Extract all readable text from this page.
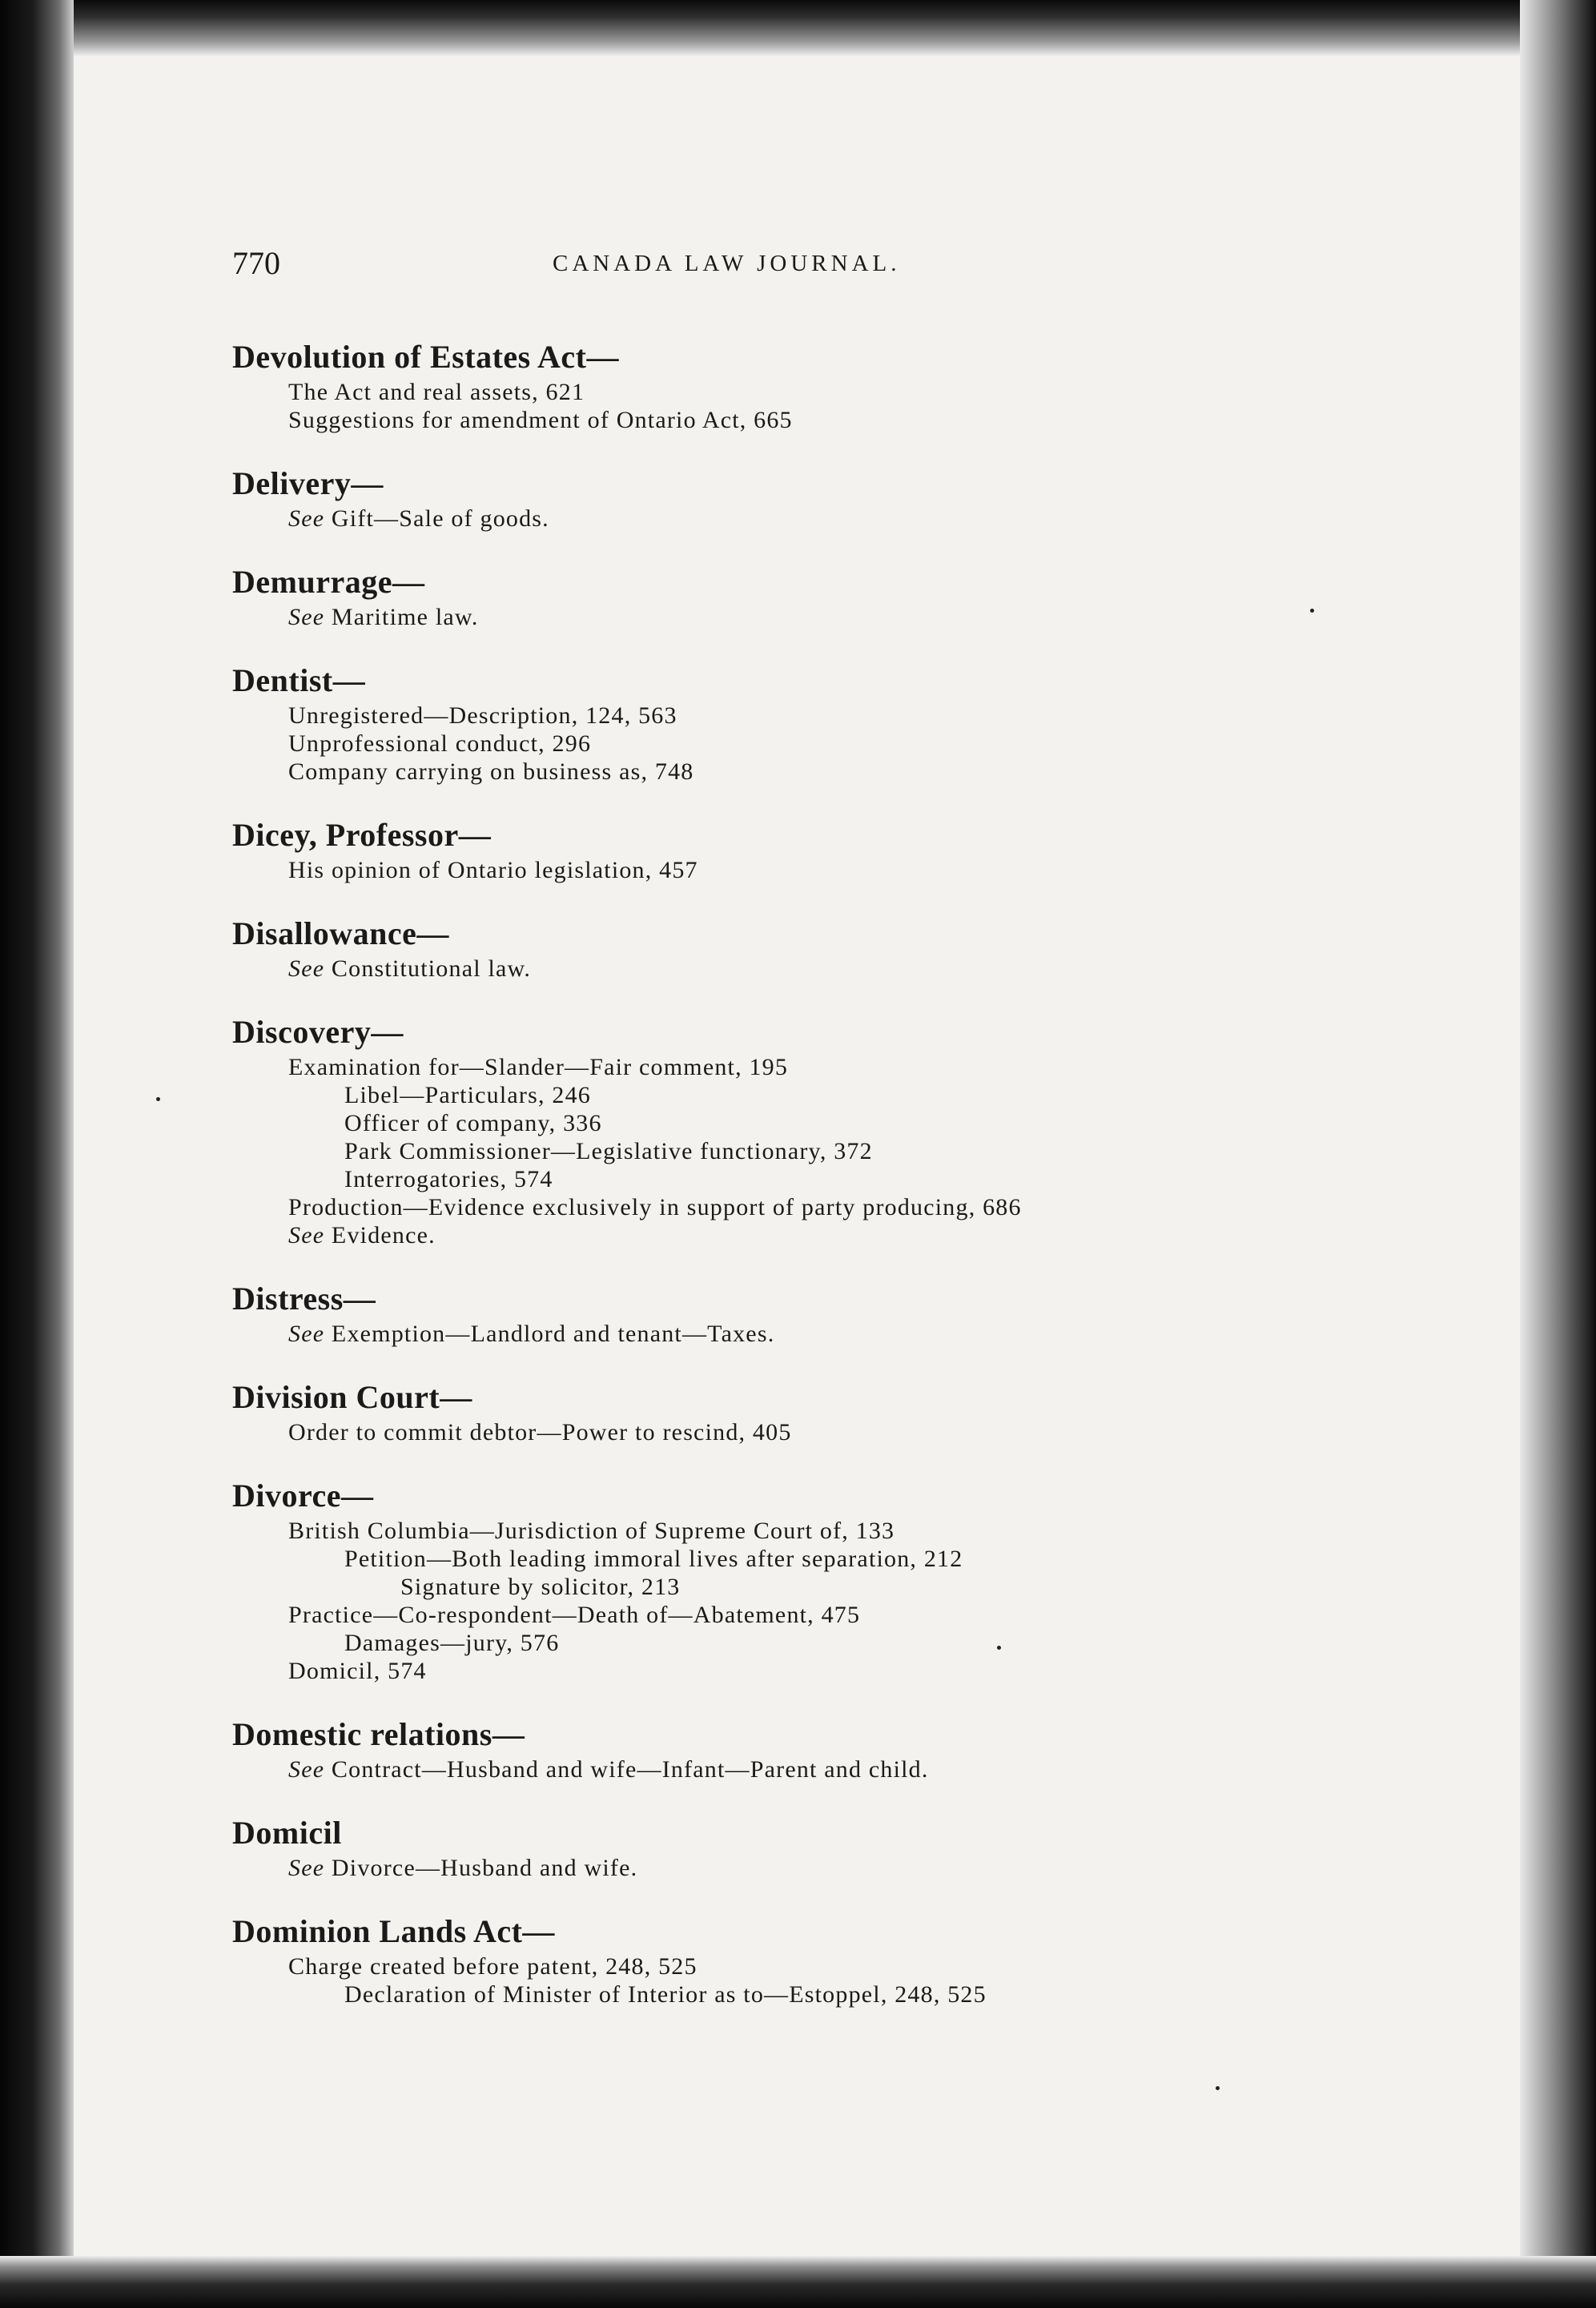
770	CANADA LAW JOURNAL.
Devolution of Estates Act—
The Act and real assets, 621
Suggestions for amendment of Ontario Act, 665
Delivery—
See Gift—Sale of goods.
Demurrage—
See Maritime law.
Dentist—
Unregistered—Description, 124, 563
Unprofessional conduct, 296
Company carrying on business as, 748
Dicey, Professor—
His opinion of Ontario legislation, 457
Disallowance—
See Constitutional law.
Discovery—
Examination for—Slander—Fair comment, 195
Libel—Particulars, 246
Officer of company, 336
Park Commissioner—Legislative functionary, 372
Interrogatories, 574
Production—Evidence exclusively in support of party producing, 686
See Evidence.
Distress—
See Exemption—Landlord and tenant—Taxes.
Division Court—
Order to commit debtor—Power to rescind, 405
Divorce—
British Columbia—Jurisdiction of Supreme Court of, 133
Petition—Both leading immoral lives after separation, 212
Signature by solicitor, 213
Practice—Co-respondent—Death of—Abatement, 475
Damages—jury, 576
Domicil, 574
Domestic relations—
See Contract—Husband and wife—Infant—Parent and child.
Domicil
See Divorce—Husband and wife.
Dominion Lands Act—
Charge created before patent, 248, 525
Declaration of Minister of Interior as to—Estoppel, 248, 525
